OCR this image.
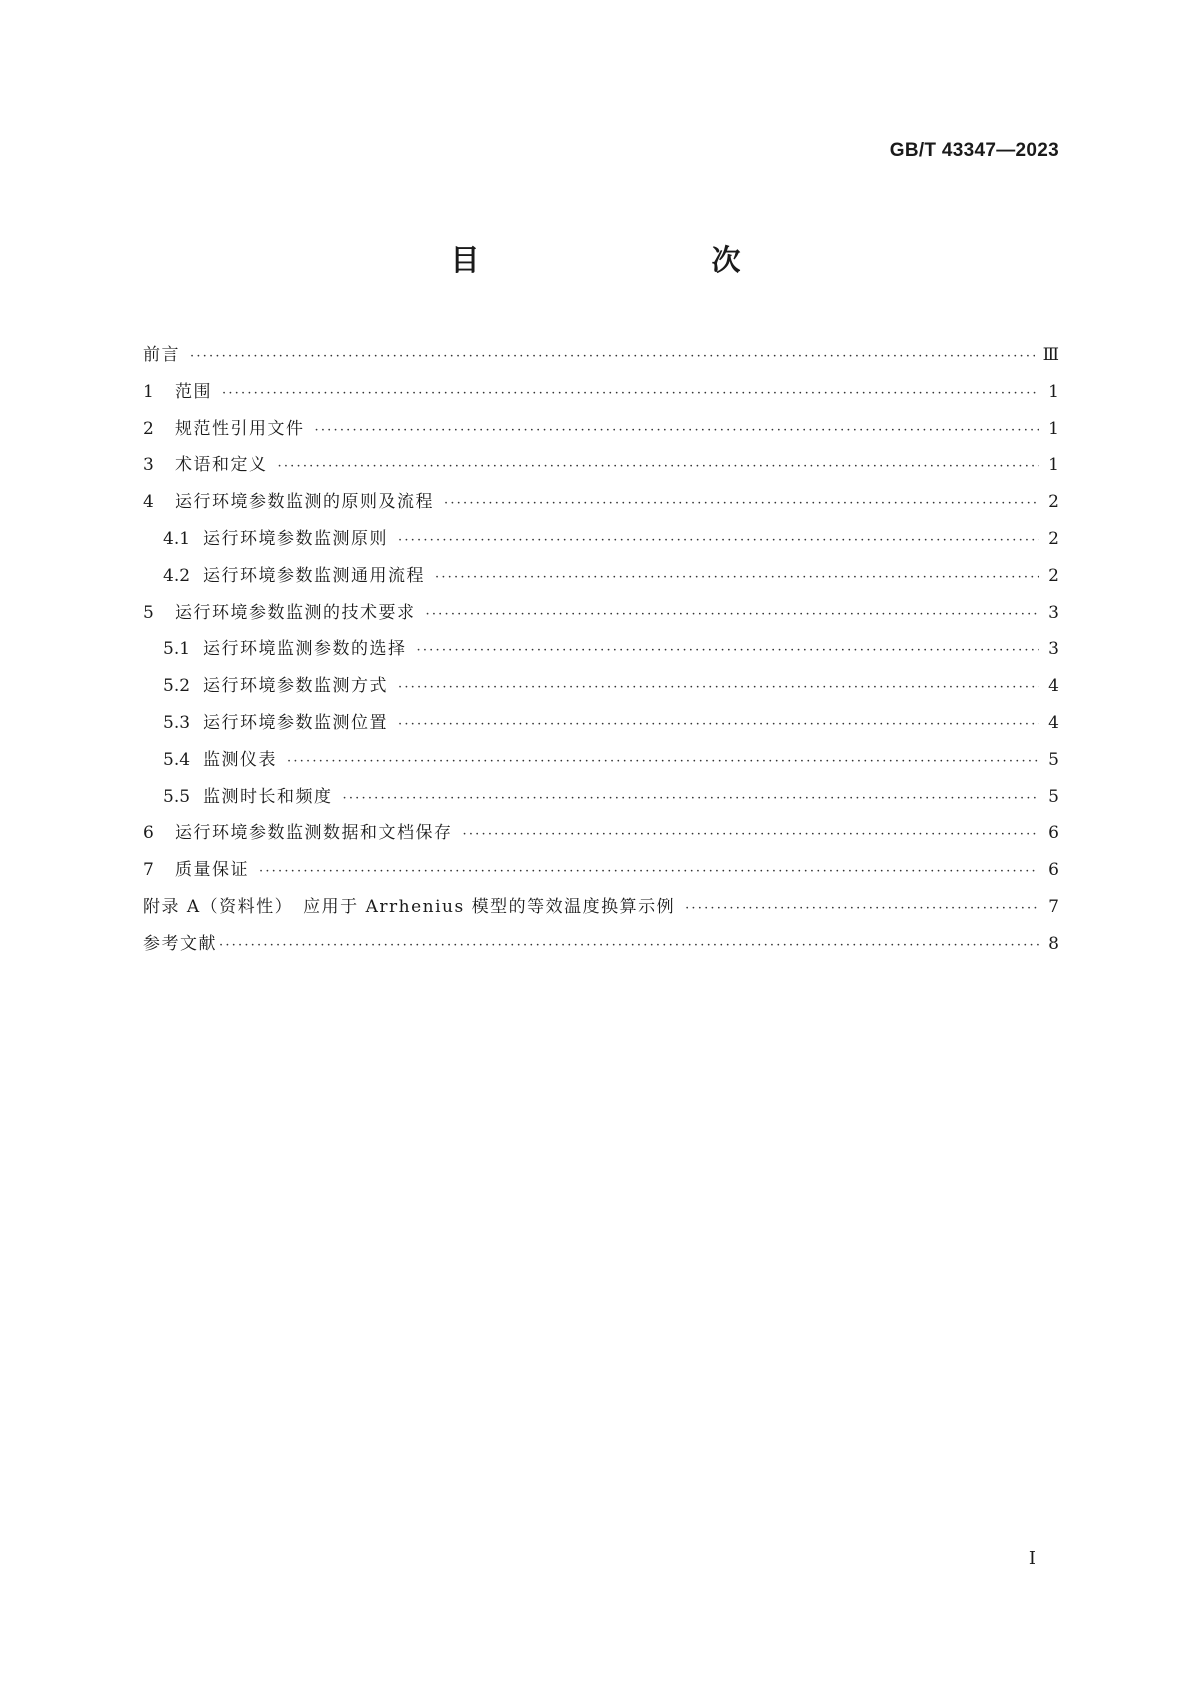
GB/T 43347—2023
目　　次
前言 ·····	Ⅲ
1	范围 ·····	1
2	规范性引用文件 ·····	1
3	术语和定义 ·····	1
4	运行环境参数监测的原则及流程 ·····	2
4.1 运行环境参数监测原则 ·····	2
4.2 运行环境参数监测通用流程 ·····	2
5	运行环境参数监测的技术要求 ·····	3
5.1 运行环境监测参数的选择 ·····	3
5.2 运行环境参数监测方式 ·····	4
5.3 运行环境参数监测位置 ·····	4
5.4 监测仪表 ·····	5
5.5 监测时长和频度 ·····	5
6	运行环境参数监测数据和文档保存 ·····	6
7	质量保证 ·····	6
附录 A（资料性）　应用于 Arrhenius 模型的等效温度换算示例 ·····	7
参考文献 ·····	8
I
